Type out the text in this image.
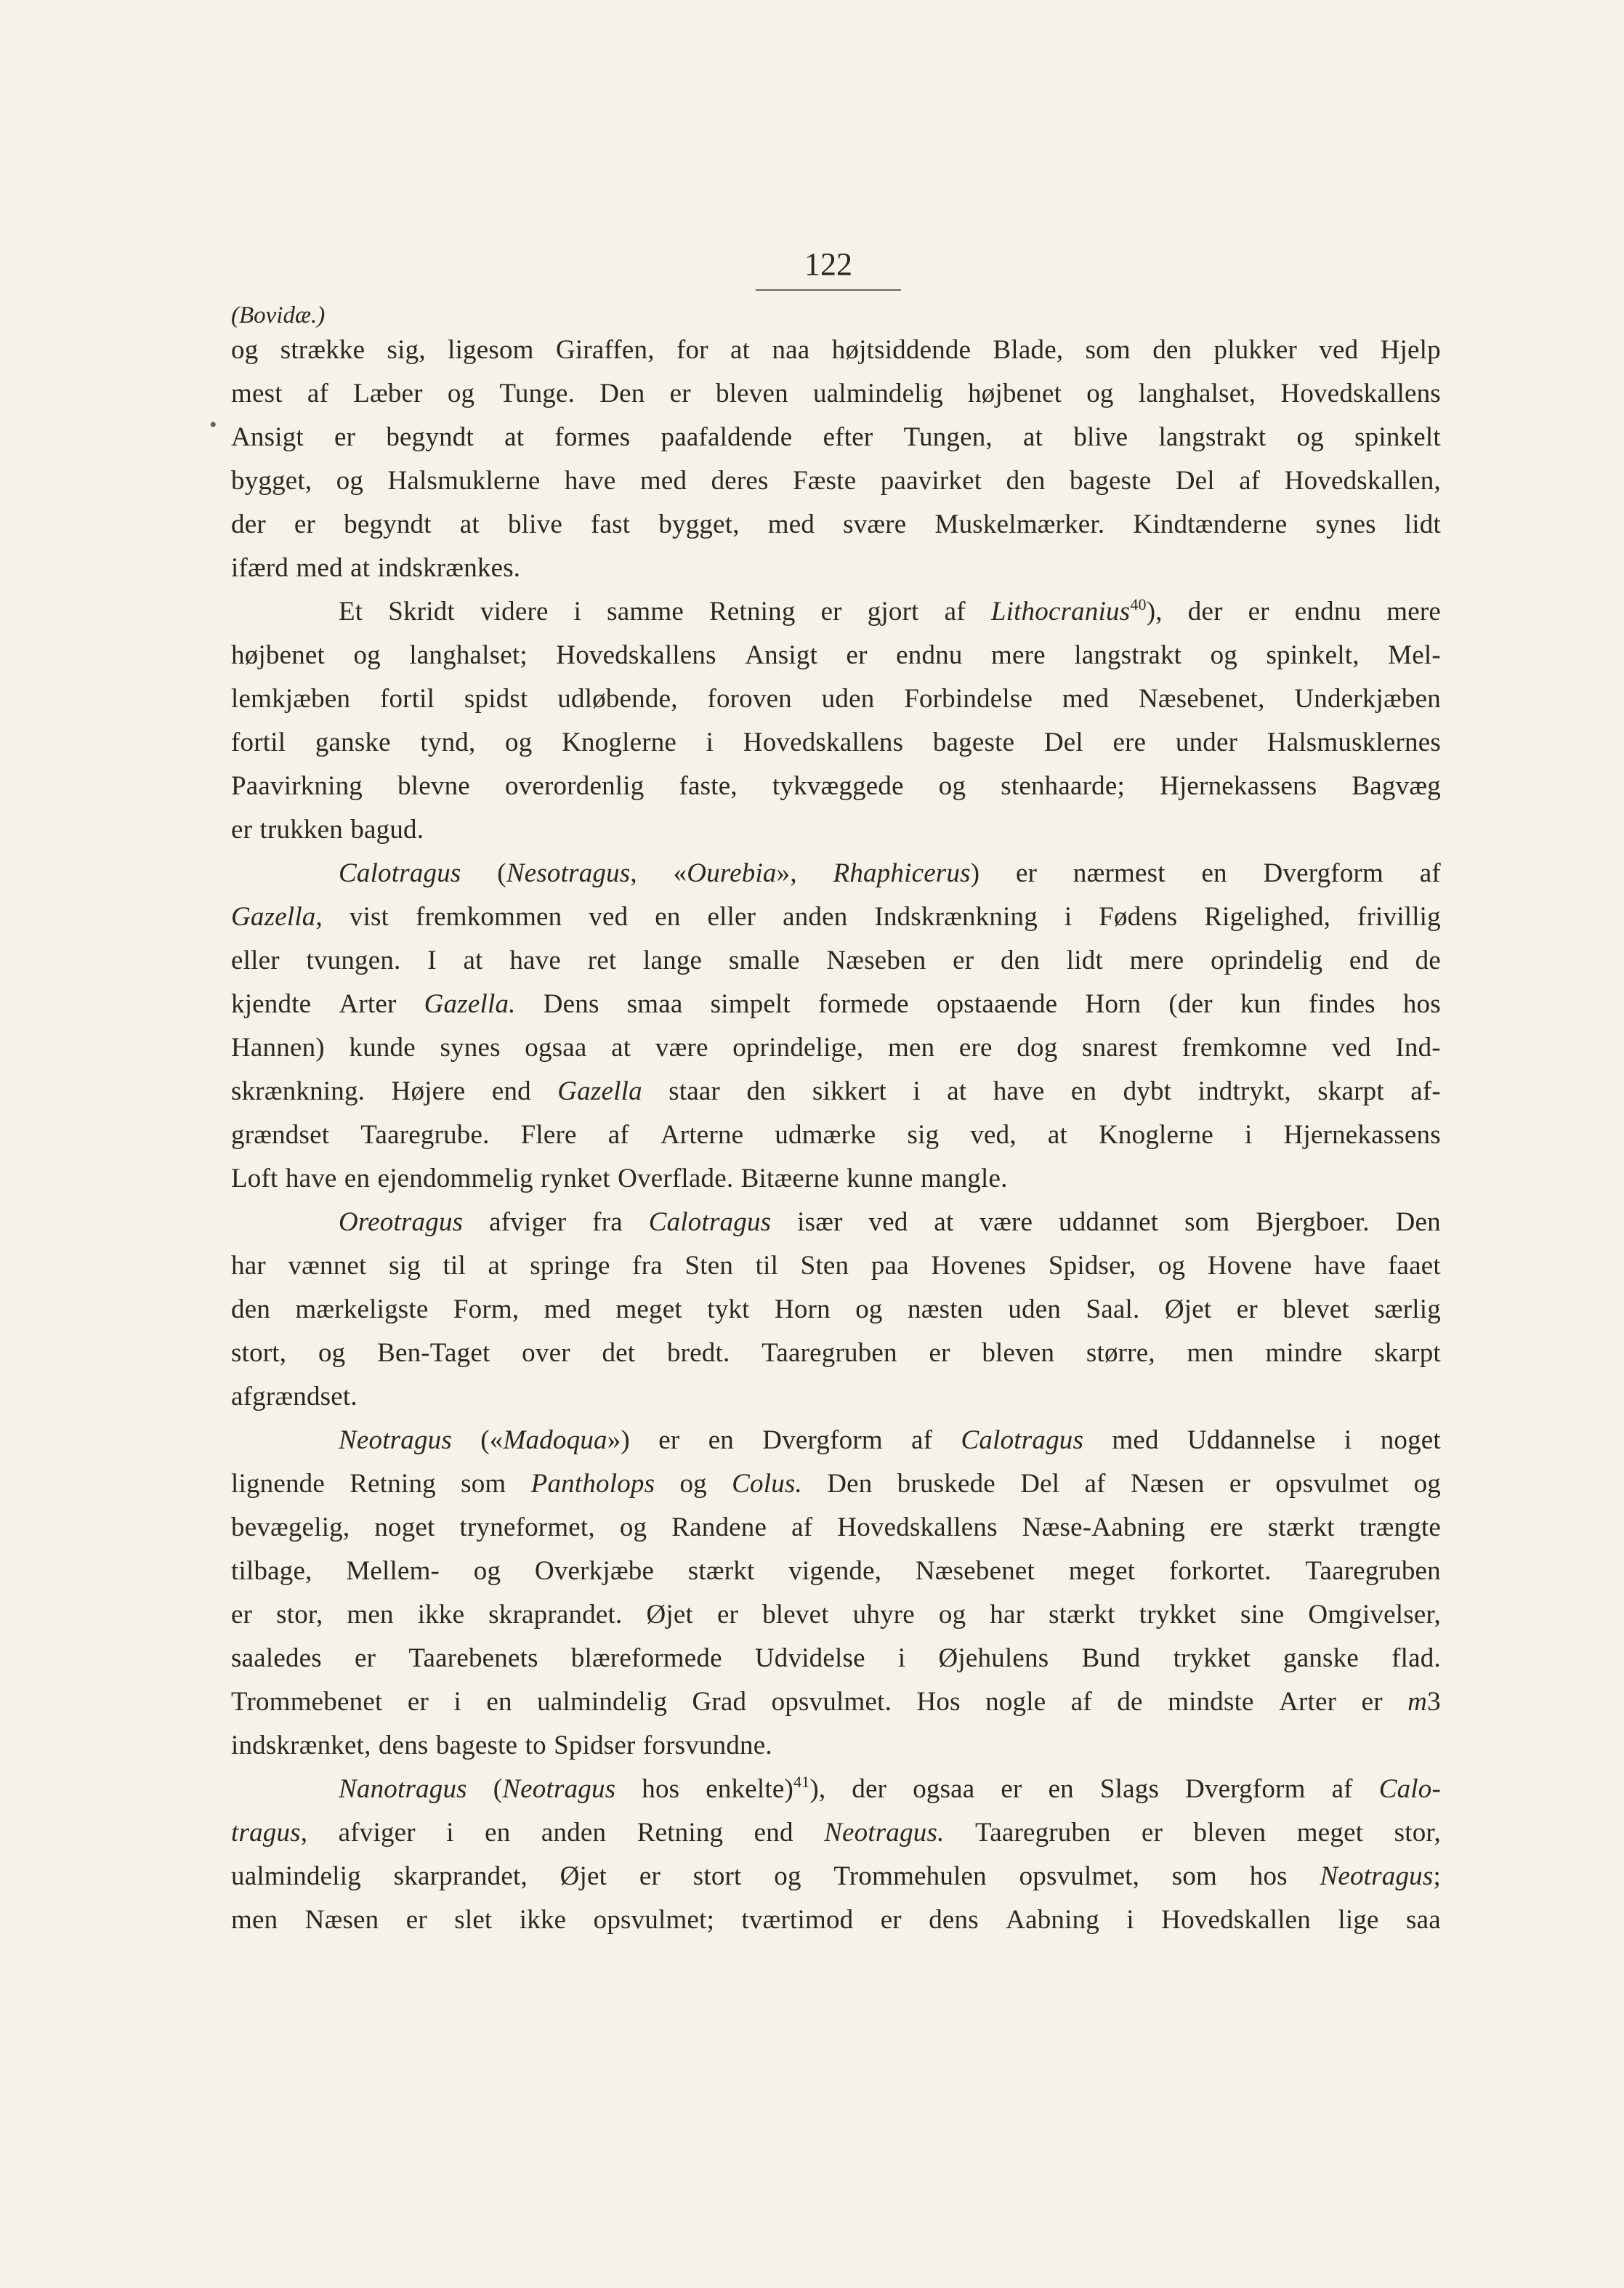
122
(Bovidæ.)
•
og strække sig, ligesom Giraffen, for at naa højtsiddende Blade, som den plukker ved Hjelp
mest af Læber og Tunge. Den er bleven ualmindelig højbenet og langhalset, Hovedskallens
Ansigt er begyndt at formes paafaldende efter Tungen, at blive langstrakt og spinkelt
bygget, og Halsmuklerne have med deres Fæste paavirket den bageste Del af Hovedskallen,
der er begyndt at blive fast bygget, med svære Muskelmærker. Kindtænderne synes lidt
ifærd med at indskrænkes.
Et Skridt videre i samme Retning er gjort af Lithocranius$^{40}$), der er endnu mere
højbenet og langhalset; Hovedskallens Ansigt er endnu mere langstrakt og spinkelt, Mel-
lemkjæben fortil spidst udløbende, foroven uden Forbindelse med Næsebenet, Underkjæben
fortil ganske tynd, og Knoglerne i Hovedskallens bageste Del ere under Halsmusklernes
Paavirkning blevne overordenlig faste, tykvæggede og stenhaarde; Hjernekassens Bagvæg
er trukken bagud.
Calotragus (Nesotragus, «Ourebia», Rhaphicerus) er nærmest en Dvergform af
Gazella, vist fremkommen ved en eller anden Indskrænkning i Fødens Rigelighed, frivillig
eller tvungen. I at have ret lange smalle Næseben er den lidt mere oprindelig end de
kjendte Arter Gazella. Dens smaa simpelt formede opstaaende Horn (der kun findes hos
Hannen) kunde synes ogsaa at være oprindelige, men ere dog snarest fremkomne ved Ind-
skrænkning. Højere end Gazella staar den sikkert i at have en dybt indtrykt, skarpt af-
grændset Taaregrube. Flere af Arterne udmærke sig ved, at Knoglerne i Hjernekassens
Loft have en ejendommelig rynket Overflade. Bitæerne kunne mangle.
Oreotragus afviger fra Calotragus især ved at være uddannet som Bjergboer. Den
har vænnet sig til at springe fra Sten til Sten paa Hovenes Spidser, og Hovene have faaet
den mærkeligste Form, med meget tykt Horn og næsten uden Saal. Øjet er blevet særlig
stort, og Ben-Taget over det bredt. Taaregruben er bleven større, men mindre skarpt
afgrændset.
Neotragus («Madoqua») er en Dvergform af Calotragus med Uddannelse i noget
lignende Retning som Pantholops og Colus. Den bruskede Del af Næsen er opsvulmet og
bevægelig, noget tryneformet, og Randene af Hovedskallens Næse-Aabning ere stærkt trængte
tilbage, Mellem- og Overkjæbe stærkt vigende, Næsebenet meget forkortet. Taaregruben
er stor, men ikke skraprandet. Øjet er blevet uhyre og har stærkt trykket sine Omgivelser,
saaledes er Taarebenets blæreformede Udvidelse i Øjehulens Bund trykket ganske flad.
Trommebenet er i en ualmindelig Grad opsvulmet. Hos nogle af de mindste Arter er m3
indskrænket, dens bageste to Spidser forsvundne.
Nanotragus (Neotragus hos enkelte)$^{41}$), der ogsaa er en Slags Dvergform af Calo-
tragus, afviger i en anden Retning end Neotragus. Taaregruben er bleven meget stor,
ualmindelig skarprandet, Øjet er stort og Trommehulen opsvulmet, som hos Neotragus;
men Næsen er slet ikke opsvulmet; tværtimod er dens Aabning i Hovedskallen lige saa
